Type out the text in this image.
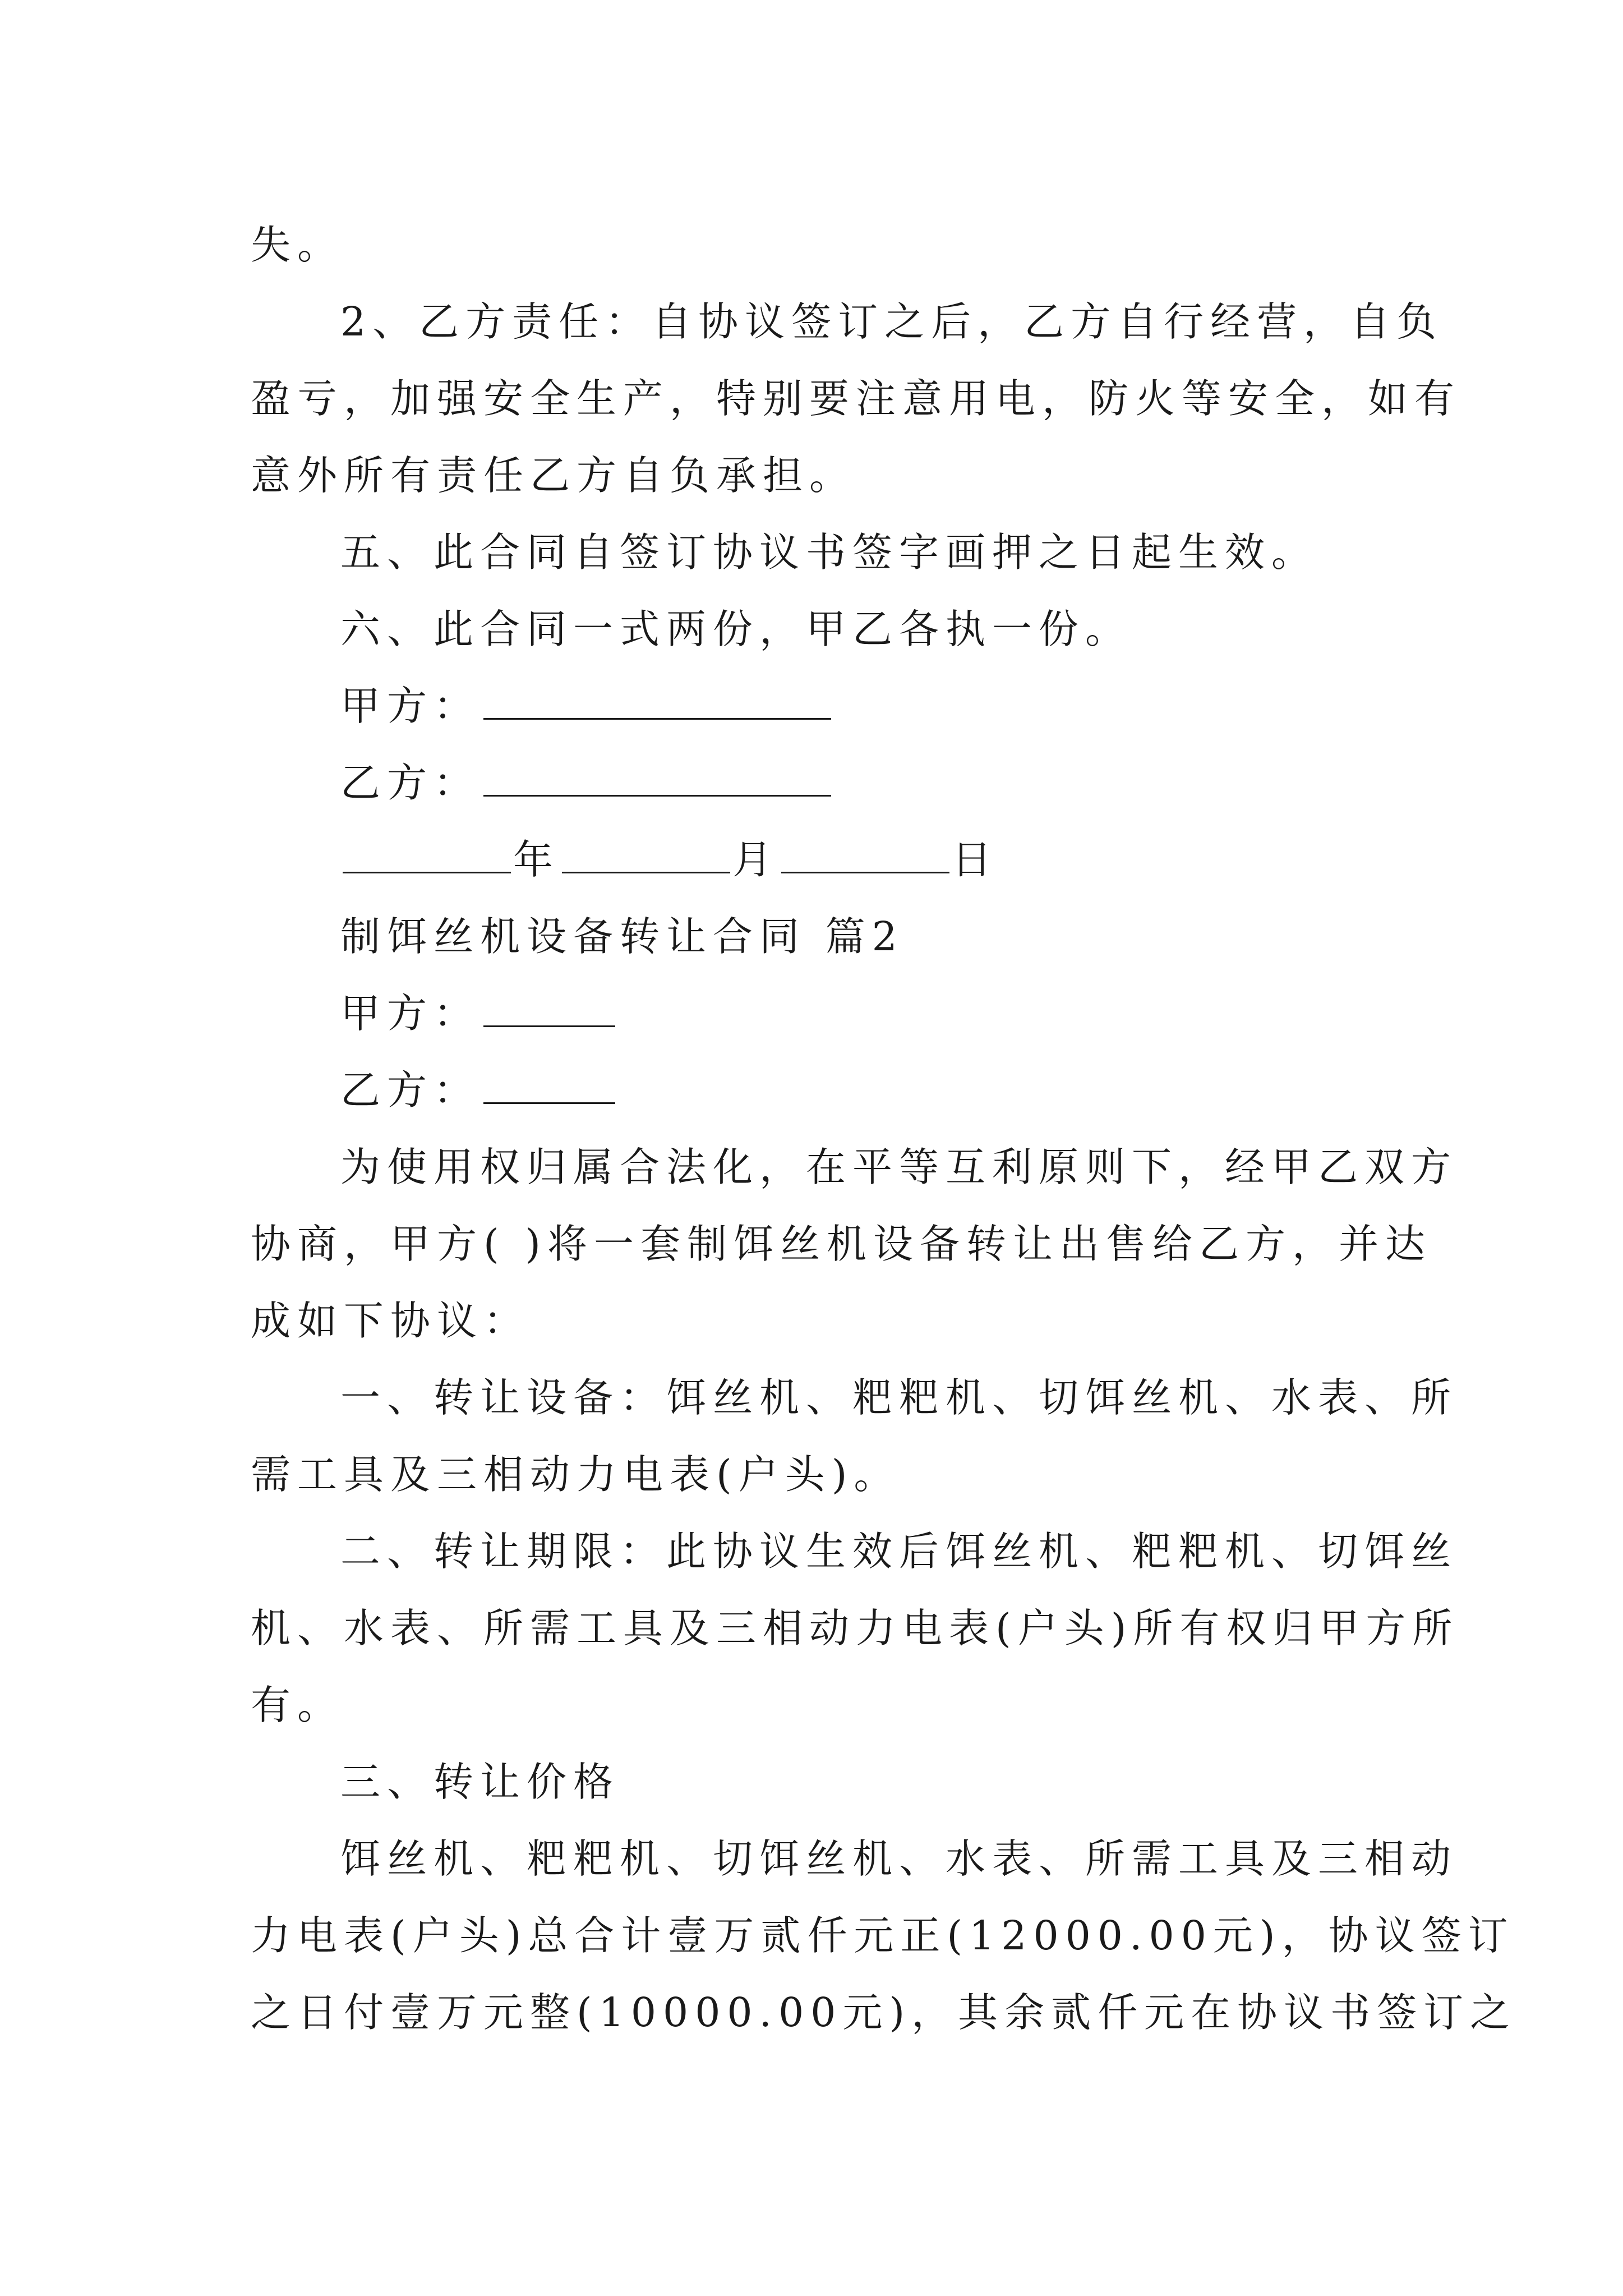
失。
2、乙方责任：自协议签订之后，乙方自行经营，自负
盈亏，加强安全生产，特别要注意用电，防火等安全，如有
意外所有责任乙方自负承担。
五、此合同自签订协议书签字画押之日起生效。
六、此合同一式两份，甲乙各执一份。
甲方：
乙方：
年	月	日
制饵丝机设备转让合同 篇2
甲方：
乙方：
为使用权归属合法化，在平等互利原则下，经甲乙双方
协商，甲方( )将一套制饵丝机设备转让出售给乙方，并达
成如下协议：
一、转让设备：饵丝机、粑粑机、切饵丝机、水表、所
需工具及三相动力电表(户头)。
二、转让期限：此协议生效后饵丝机、粑粑机、切饵丝
机、水表、所需工具及三相动力电表(户头)所有权归甲方所
有。
三、转让价格
饵丝机、粑粑机、切饵丝机、水表、所需工具及三相动
力电表(户头)总合计壹万贰仟元正(12000.00元)，协议签订
之日付壹万元整(10000.00元)，其余贰仟元在协议书签订之
